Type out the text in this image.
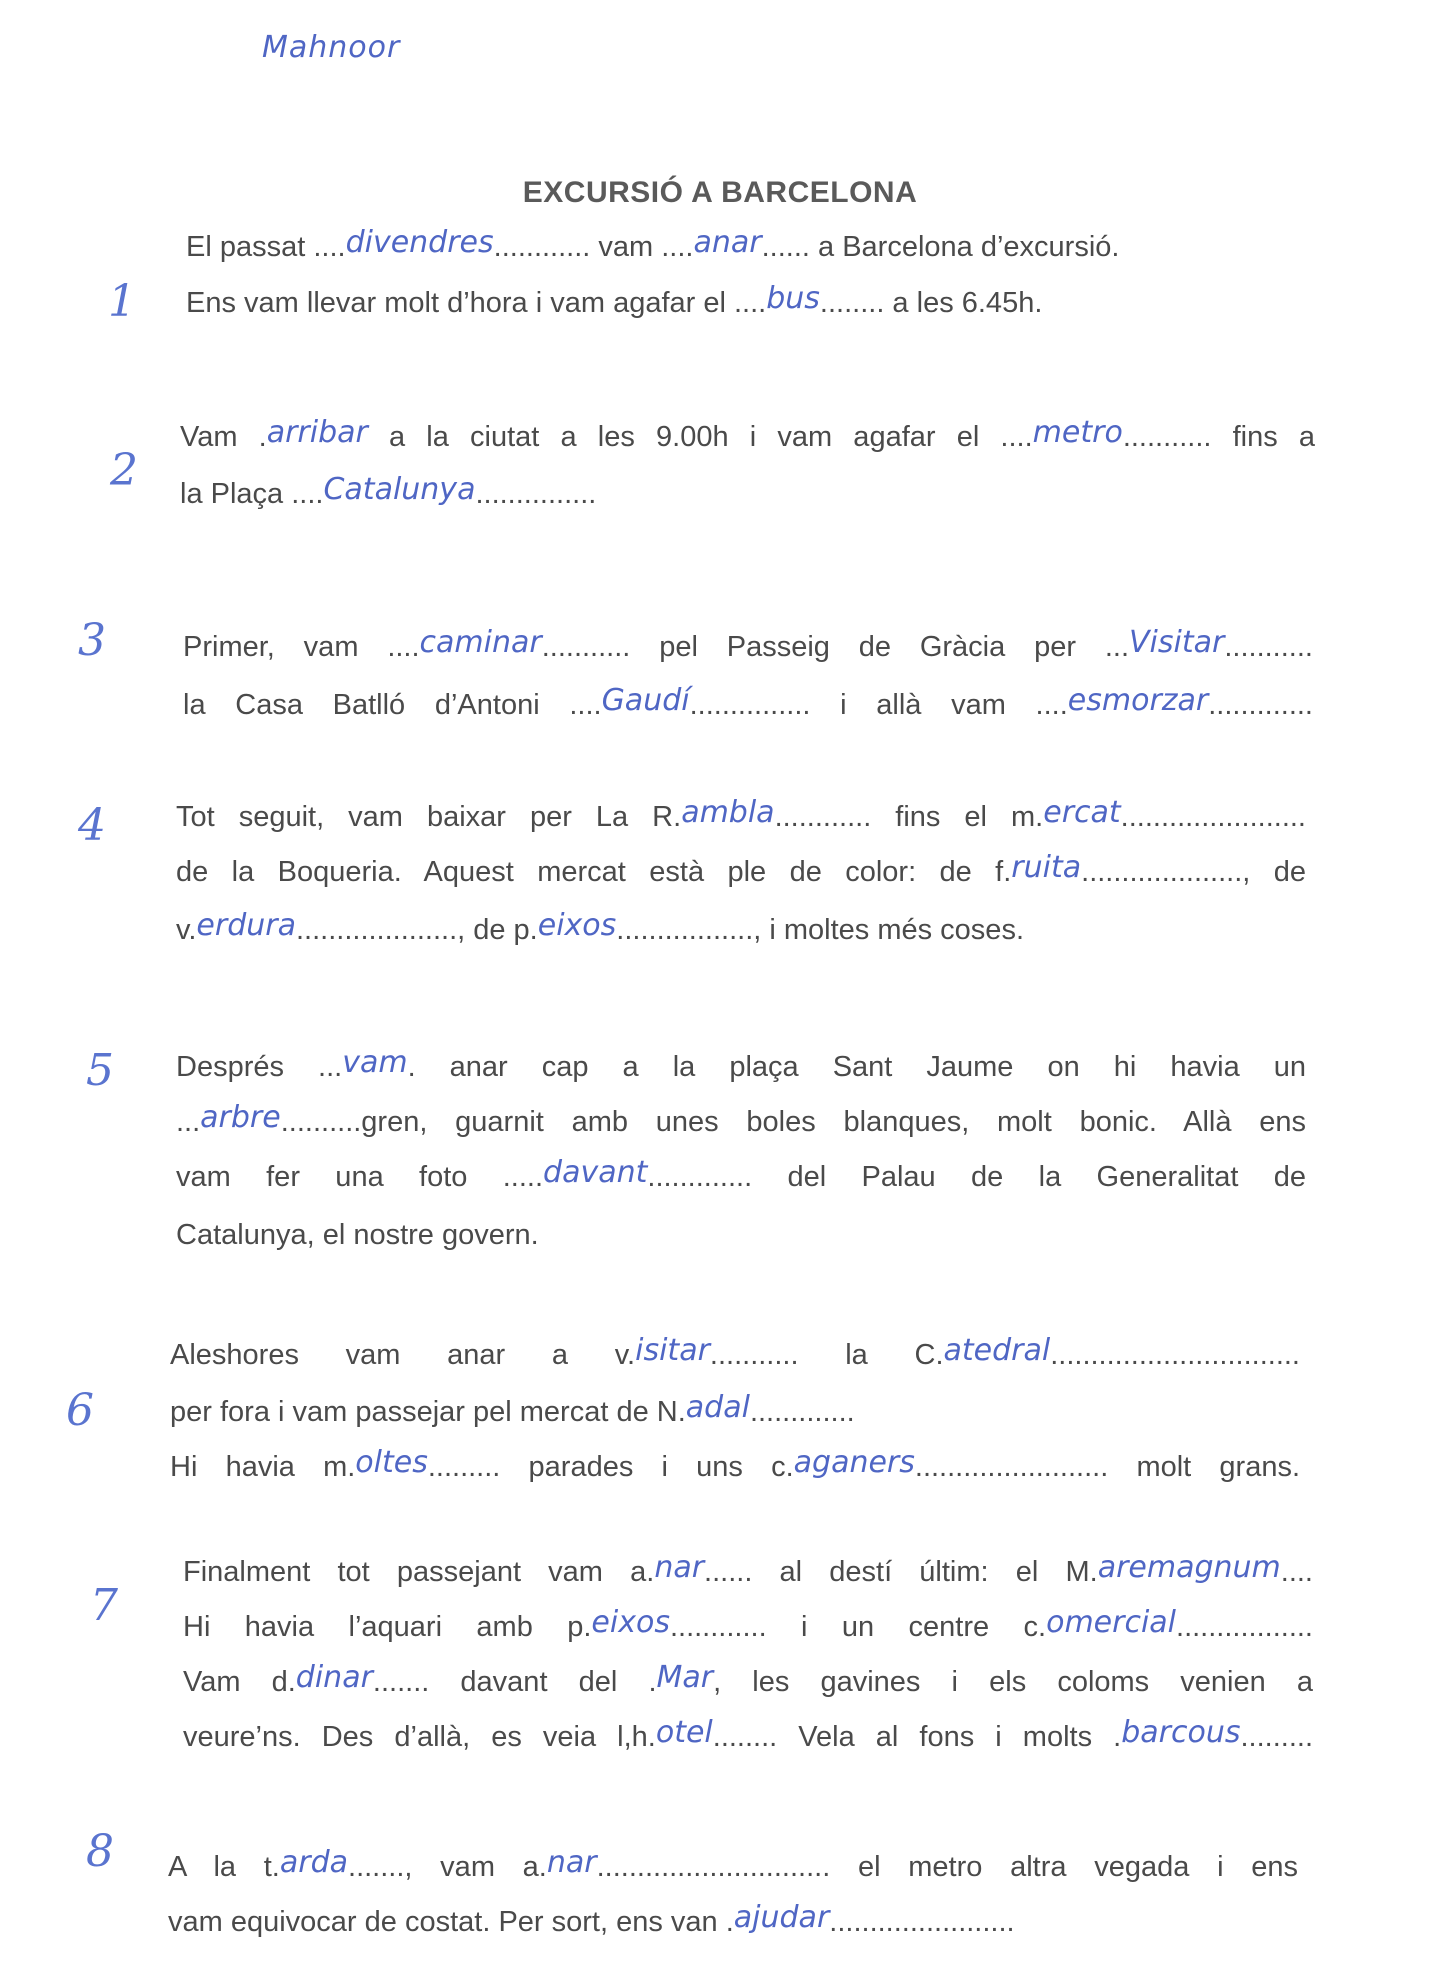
Mahnoor
EXCURSIÓ A BARCELONA
1
El passat ....divendres............ vam ....anar...... a Barcelona d’excursió.
Ens vam llevar molt d’hora i vam agafar el ....bus........ a les 6.45h.
2
Vam .arribar a la ciutat a les 9.00h i vam agafar el ....metro........... fins a
la Plaça ....Catalunya...............
3	Primer, vam ....caminar........... pel Passeig de Gràcia per ...Visitar...........
la Casa Batlló d’Antoni ....Gaudí............... i allà vam ....esmorzar.............
4 Tot seguit, vam baixar per La R.ambla............ fins el m.ercat.......................
de la Boqueria. Aquest mercat està ple de color: de f.ruita...................., de
v.erdura...................., de p.eixos................., i moltes més coses.
5 Després ...vam. anar cap a la plaça Sant Jaume on hi havia un
...arbre..........gren, guarnit amb unes boles blanques, molt bonic. Allà ens
vam fer una foto .....davant............. del Palau de la Generalitat de
Catalunya, el nostre govern.
6
Aleshores vam anar a v.isitar........... la C.atedral...............................
per fora i vam passejar pel mercat de N.adal.............
Hi havia m.oltes......... parades i uns c.aganers........................ molt grans.
7
Finalment tot passejant vam a.nar...... al destí últim: el M.aremagnum....
Hi havia l’aquari amb p.eixos............ i un centre c.omercial.................
Vam d.dinar....... davant del .Mar, les gavines i els coloms venien a
veure’ns. Des d’allà, es veia l,h.otel........ Vela al fons i molts .barcous.........
8 A la t.arda......., vam a.nar............................. el metro altra vegada i ens
vam equivocar de costat. Per sort, ens van .ajudar.......................
